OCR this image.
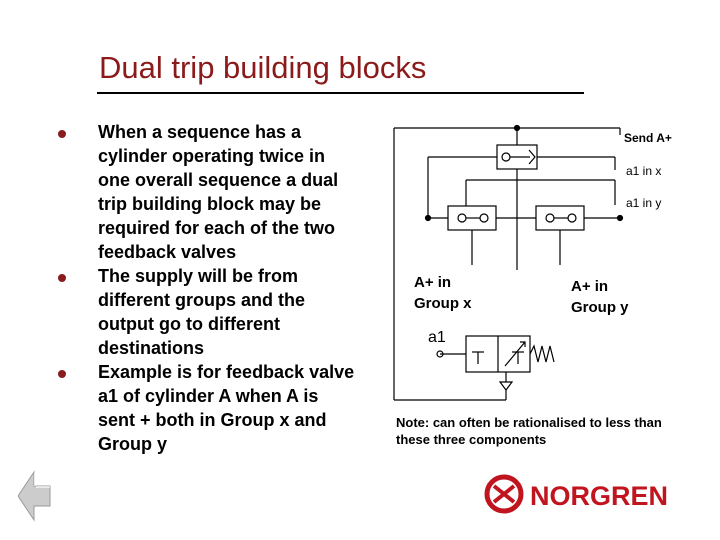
Dual trip building blocks
When a sequence has a cylinder operating twice in one overall sequence a dual trip building block may be required for each of the two feedback valves
The supply will be from different groups and the output go to different destinations
Example is for feedback valve a1 of cylinder A when A is sent + both in Group x and Group y
Send A+
a1 in x
a1 in y
A+ in
Group x
A+ in
Group y
a1
Note: can often be rationalised to less than these three components
NORGREN
